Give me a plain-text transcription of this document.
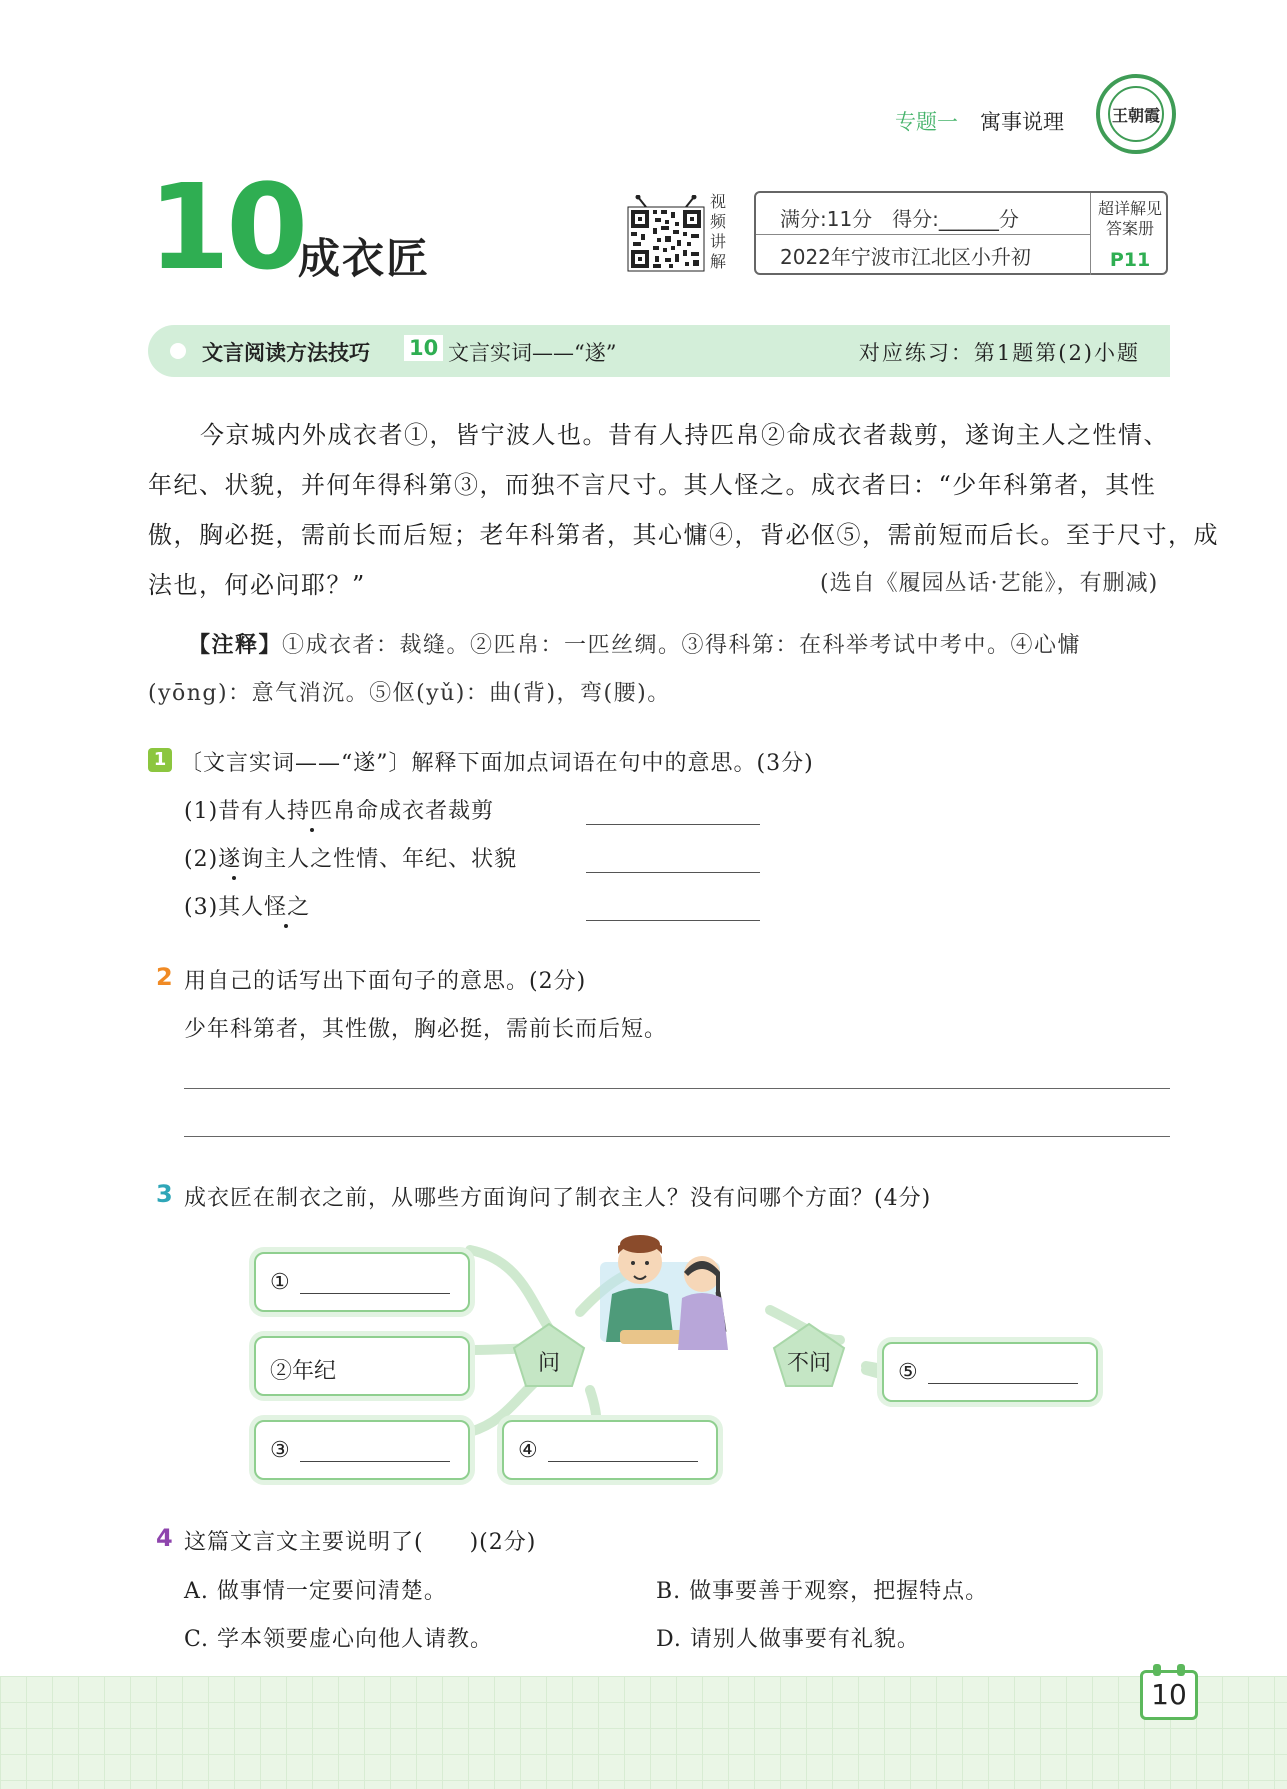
专题一 寓事说理	王朝霞
10
成衣匠
视频讲解
满分:11分　得分:______分
2022年宁波市江北区小升初
超详解见答案册
P11
文言阅读方法技巧 10 文言实词——“遂”	对应练习：第1题第(2)小题

今京城内外成衣者①，皆宁波人也。昔有人持匹帛②命成衣者裁剪，遂询主人之性情、

年纪、状貌，并何年得科第③，而独不言尺寸。其人怪之。成衣者曰：“少年科第者，其性

傲，胸必挺，需前长而后短；老年科第者，其心慵④，背必伛⑤，需前短而后长。至于尺寸，成

法也，何必问耶？”	(选自《履园丛话·艺能》，有删减)

【注释】①成衣者：裁缝。②匹帛：一匹丝绸。③得科第：在科举考试中考中。④心慵

(yōng)：意气消沉。⑤伛(yǔ)：曲(背)，弯(腰)。

1 〔文言实词——“遂”〕解释下面加点词语在句中的意思。(3分)
(1)昔有人持匹帛命成衣者裁剪
(2)遂询主人之性情、年纪、状貌
(3)其人怪之
2 用自己的话写出下面句子的意思。(2分)
少年科第者，其性傲，胸必挺，需前长而后短。
3 成衣匠在制衣之前，从哪些方面询问了制衣主人？没有问哪个方面？(4分)
问	不问
①
②年纪
③	④
⑤
4 这篇文言文主要说明了(　　)(2分)
A. 做事情一定要问清楚。	B. 做事要善于观察，把握特点。
C. 学本领要虚心向他人请教。	D. 请别人做事要有礼貌。
10
